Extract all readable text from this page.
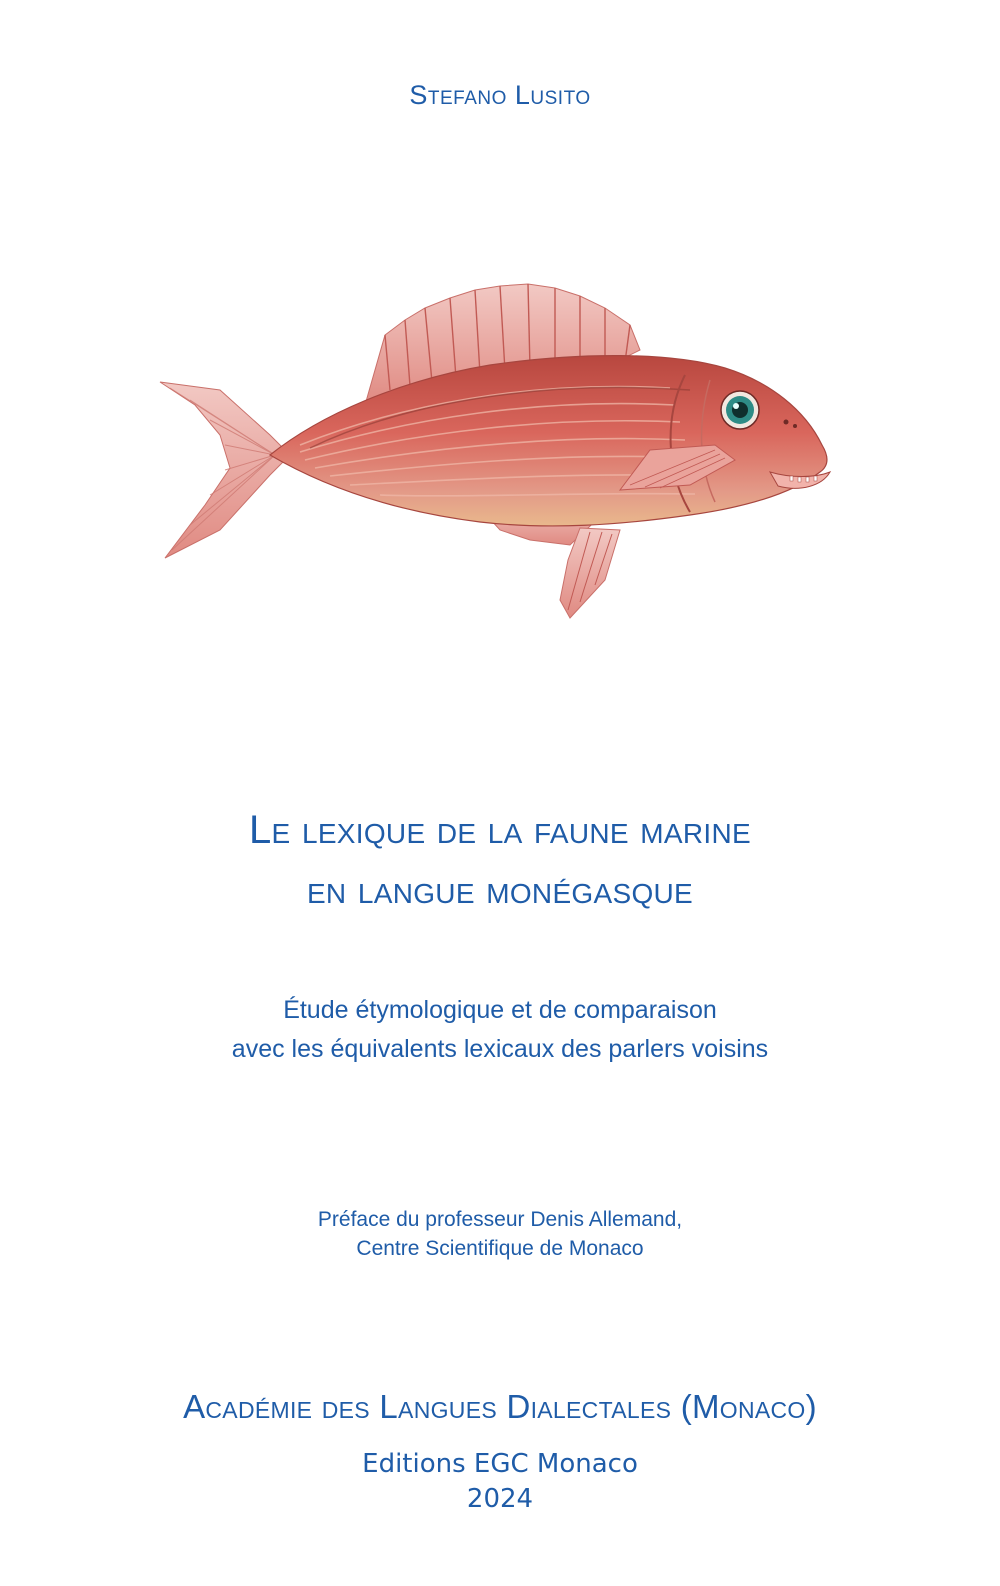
Stefano Lusito
Le lexique de la faune marine
en langue monégasque
Étude étymologique et de comparaison
avec les équivalents lexicaux des parlers voisins
Préface du professeur Denis Allemand,
Centre Scientifique de Monaco
Académie des Langues Dialectales (Monaco)
Editions EGC Monaco
2024
